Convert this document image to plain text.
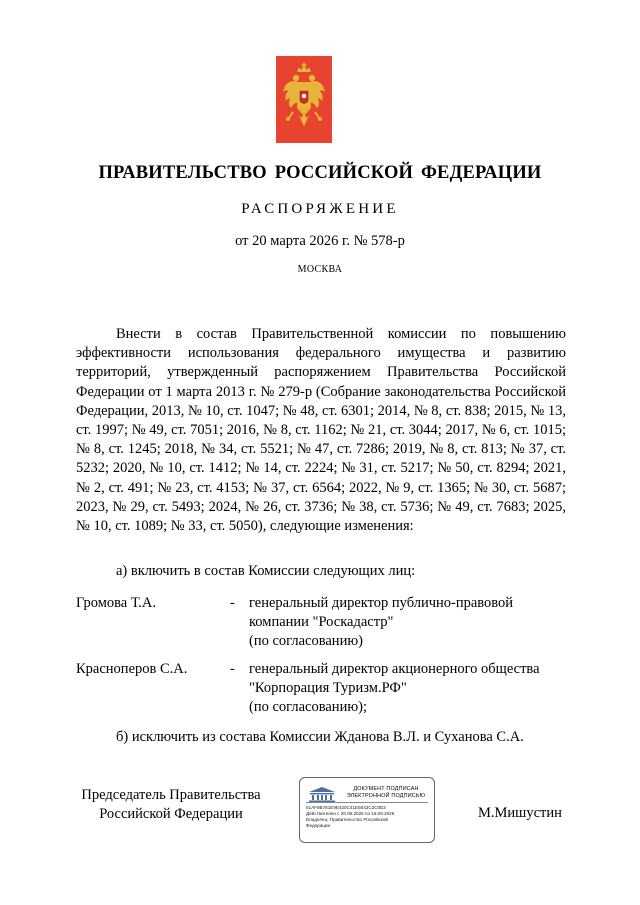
ПРАВИТЕЛЬСТВО РОССИЙСКОЙ ФЕДЕРАЦИИ
РАСПОРЯЖЕНИЕ
от 20 марта 2026 г. № 578-р
МОСКВА

Внести в состав Правительственной комиссии по повышению эффективности использования федерального имущества и развитию территорий, утвержденный распоряжением Правительства Российской Федерации от 1 марта 2013 г. № 279-р (Собрание законодательства Российской Федерации, 2013, № 10, ст. 1047; № 48, ст. 6301; 2014, № 8, ст. 838; 2015, № 13, ст. 1997; № 49, ст. 7051; 2016, № 8, ст. 1162; № 21, ст. 3044; 2017, № 6, ст. 1015; № 8, ст. 1245; 2018, № 34, ст. 5521; № 47, ст. 7286; 2019, № 8, ст. 813; № 37, ст. 5232; 2020, № 10, ст. 1412; № 14, ст. 2224; № 31, ст. 5217; № 50, ст. 8294; 2021, № 2, ст. 491; № 23, ст. 4153; № 37, ст. 6564; 2022, № 9, ст. 1365; № 30, ст. 5687; 2023, № 29, ст. 5493; 2024, № 26, ст. 3736; № 38, ст. 5736; № 49, ст. 7683; 2025, № 10, ст. 1089; № 33, ст. 5050), следующие изменения:

а) включить в состав Комиссии следующих лиц:
Громова Т.А.	- генеральный директор публично-правовой
компании "Роскадастр"
(по согласованию)
Красноперов С.А.	- генеральный директор акционерного общества
"Корпорация Туризм.РФ"
(по согласованию);
б) исключить из состава Комиссии Жданова В.Л. и Суханова С.А.
Председатель Правительства
Российской Федерации
ДОКУМЕНТ ПОДПИСАН
ЭЛЕКТРОННОЙ ПОДПИСЬЮ
51AF8B761E9E420C41E5043C3C0E3
Действителен с 26.06.2025 по 19.09.2026
Владелец: Правительство Российской
Федерации
М.Мишустин
